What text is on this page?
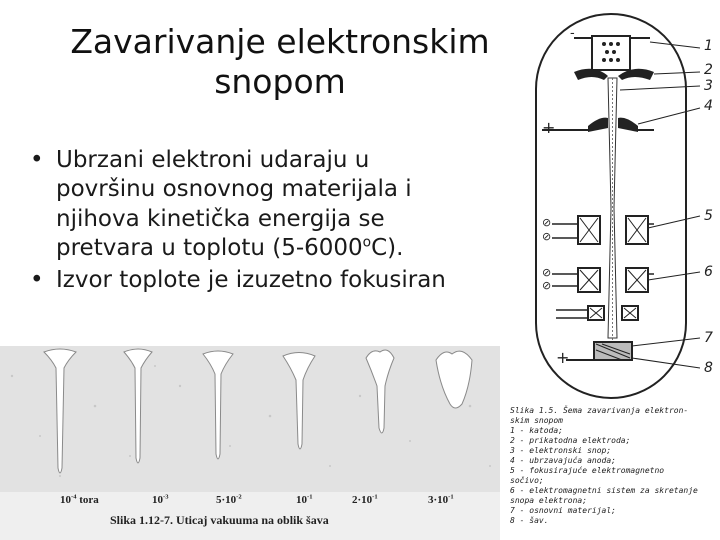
Zavarivanje elektronskim
snopom
• Ubrzani elektroni udaraju u
površinu osnovnog materijala i
njihova kinetička energija se
pretvara u toplotu (5-6000$^o$C).
• Izvor toplote je izuzetno fokusiran
$10^{-4}$ tora	$10^{-3}$	$5\cdot 10^{-2}$	$10^{-1}$	$2\cdot 10^{-1}$	$3\cdot 10^{-1}$
Slika 1.12-7. Uticaj vakuuma na oblik šava
1
2
3
4
5
6
7
8
-
+
⊘
⊘
⊘
⊘
+
Slika 1.5. Šema zavarivanja elektron-
skim snopom
1 - katoda;
2 - prikatodna elektroda;
3 - elektronski snop;
4 - ubrzavajuća anoda;
5 - fokusirajuće elektromagnetno
sočivo;
6 - elektromagnetni sistem za skretanje
snopa elektrona;
7 - osnovni materijal;
8 - šav.
